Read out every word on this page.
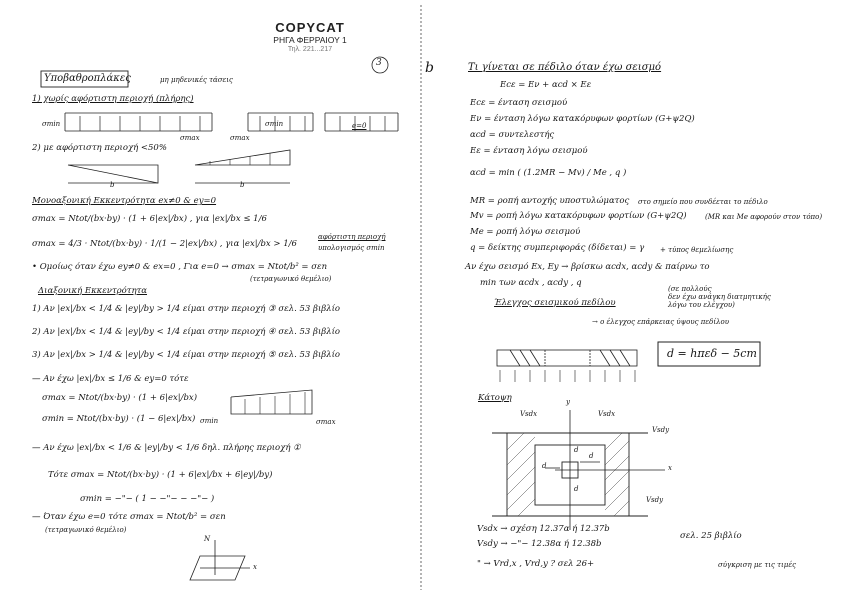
COPYCAT
ΡΗΓΑ ΦΕΡΡΑΙΟΥ 1
Τηλ. 221...217
3
Υποβαθροπλάκες	μη μηδενικές τάσεις
1) χωρίς αφόρτιστη περιοχή (πλήρης)
σmin
σmax	σmax
σmin	e=0
2) με αφόρτιστη περιοχή <50%
b	b
Μονοαξονική Εκκεντρότητα ex≠0 & ey=0
σmax = Ntot/(bx·by) · (1 + 6|ex|/bx) , για |ex|/bx ≤ 1/6
σmax = 4/3 · Ntot/(bx·by) · 1/(1 − 2|ex|/bx) , για |ex|/bx > 1/6
αφόρτιστη περιοχή
υπολογισμός σmin
• Ομοίως όταν έχω ey≠0 & ex=0 , Για e=0 → σmax = Ntot/b² = σεn
(τετραγωνικό θεμέλιο)
Διαξονική Εκκεντρότητα
1) Αν |ex|/bx < 1/4 & |ey|/by > 1/4 είμαι στην περιοχή ③ σελ. 53 βιβλίο
2) Αν |ex|/bx < 1/4 & |ey|/by < 1/4 είμαι στην περιοχή ④ σελ. 53 βιβλίο
3) Αν |ex|/bx > 1/4 & |ey|/by < 1/4 είμαι στην περιοχή ⑤ σελ. 53 βιβλίο
— Αν έχω |ex|/bx ≤ 1/6 & ey=0 τότε
σmax = Ntot/(bx·by) · (1 + 6|ex|/bx)
σmin = Ntot/(bx·by) · (1 − 6|ex|/bx) σmin	σmax
— Αν έχω |ex|/bx < 1/6 & |ey|/by < 1/6 δηλ. πλήρης περιοχή ①
Τότε σmax = Ntot/(bx·by) · (1 + 6|ex|/bx + 6|ey|/by)
σmin = −"− ( 1 − −"− − −"− )
— Όταν έχω e=0 τότε σmax = Ntot/b² = σεn
(τετραγωνικό θεμέλιο)
N
x
b	Τι γίνεται σε πέδιλο όταν έχω σεισμό
Εcε = Εν + αcd × Εε
Εcε = ένταση σεισμού
Εν = ένταση λόγω κατακόρυφων φορτίων (G+ψ2Q)
αcd = συντελεστής
Εε = ένταση λόγω σεισμού
αcd = min ( (1.2MR − Mv) / Me , q )
MR = ροπή αντοχής υποστυλώματος στο σημείο που συνδέεται το πέδιλο
Mv = ροπή λόγω κατακόρυφων φορτίων (G+ψ2Q)	(MR και Me αφορούν στον τόπο)
Me = ροπή λόγω σεισμού
q = δείκτης συμπεριφοράς (δίδεται) = γ + τύπος θεμελίωσης
Αν έχω σεισμό Ex, Ey → βρίσκω αcdx, αcdy & παίρνω το
min των αcdx , αcdy , q
Έλεγχος σεισμικού πεδίλου
(σε πολλούς
δεν έχω ανάγκη διατμητικής
λόγω του ελέγχου)
→ ο έλεγχος επάρκειας ύψους πεδίλου
d = hπεδ − 5cm
Κάτοψη
Vsdx	Vsdx
Vsdy
Vsdy
y
x
d
d
d
d
Vsdx → σχέση 12.37α ή 12.37b
Vsdy → −"− 12.38α ή 12.38b
σελ. 25 βιβλίο
" → Vrd,x , Vrd,y ? σελ 26+	σύγκριση με τις τιμές
